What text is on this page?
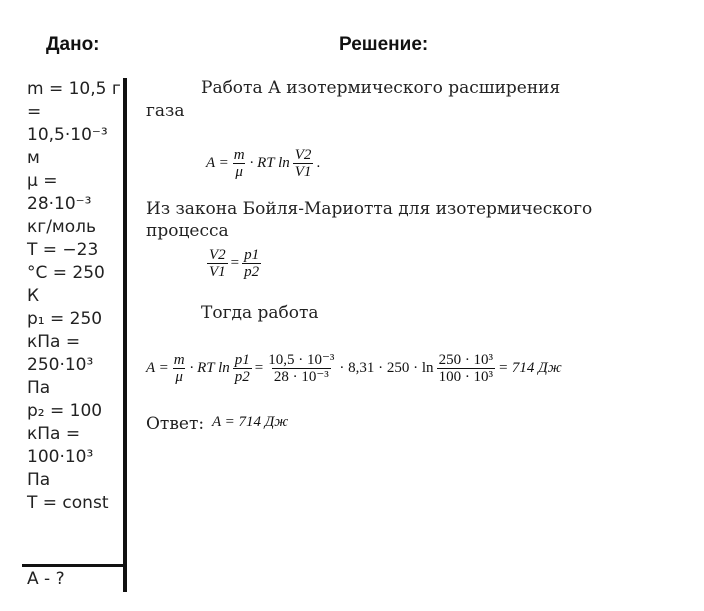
Дано:	Решение:

m = 10,5 г = 10,5·10⁻³ м

μ = 28·10⁻³ кг/моль

T = −23 °C = 250 К

p₁ = 250 кПа = 250·10³ Па

p₂ = 100 кПа = 100·10³ Па

T = const

A - ?
Работа А изотермического расширения
газа
$A = \frac{m}{\mu}$ · RT $\ln \frac{V2}{V1}$ .
Из закона Бойля-Мариотта для изотермического
процесса
$\frac{V2}{V1} = \frac{p1}{p2}$
Тогда работа
$A = \frac{m}{\mu}$ · RT $\ln \frac{p1}{p2} = \frac{\text{10,5 · 10⁻³}}{\text{28 · 10⁻³}} \cdot 8,31 \cdot 250 \cdot \ln \frac{\text{250 · 10³}}{\text{100 · 10³}} = 714$ Дж
Ответ: A = 714 Дж
